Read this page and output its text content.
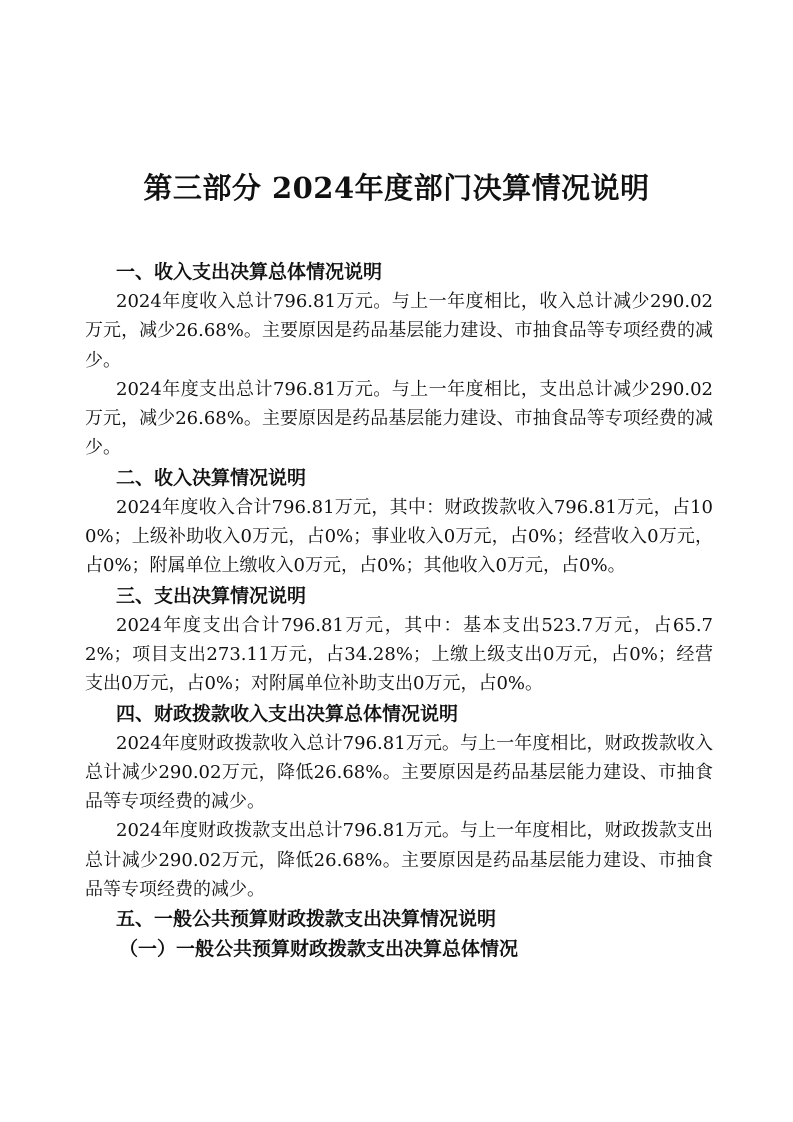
第三部分 2024年度部门决算情况说明

一、收入支出决算总体情况说明

2024年度收入总计796.81万元。与上一年度相比，收入总计减少290.02万元，减少26.68%。主要原因是药品基层能力建设、市抽食品等专项经费的减少。

2024年度支出总计796.81万元。与上一年度相比，支出总计减少290.02万元，减少26.68%。主要原因是药品基层能力建设、市抽食品等专项经费的减少。

二、收入决算情况说明

2024年度收入合计796.81万元，其中：财政拨款收入796.81万元，占100%；上级补助收入0万元，占0%；事业收入0万元，占0%；经营收入0万元，占0%；附属单位上缴收入0万元，占0%；其他收入0万元，占0%。

三、支出决算情况说明

2024年度支出合计796.81万元，其中：基本支出523.7万元，占65.72%；项目支出273.11万元，占34.28%；上缴上级支出0万元，占0%；经营支出0万元，占0%；对附属单位补助支出0万元，占0%。

四、财政拨款收入支出决算总体情况说明

2024年度财政拨款收入总计796.81万元。与上一年度相比，财政拨款收入总计减少290.02万元，降低26.68%。主要原因是药品基层能力建设、市抽食品等专项经费的减少。

2024年度财政拨款支出总计796.81万元。与上一年度相比，财政拨款支出总计减少290.02万元，降低26.68%。主要原因是药品基层能力建设、市抽食品等专项经费的减少。

五、一般公共预算财政拨款支出决算情况说明

（一）一般公共预算财政拨款支出决算总体情况
